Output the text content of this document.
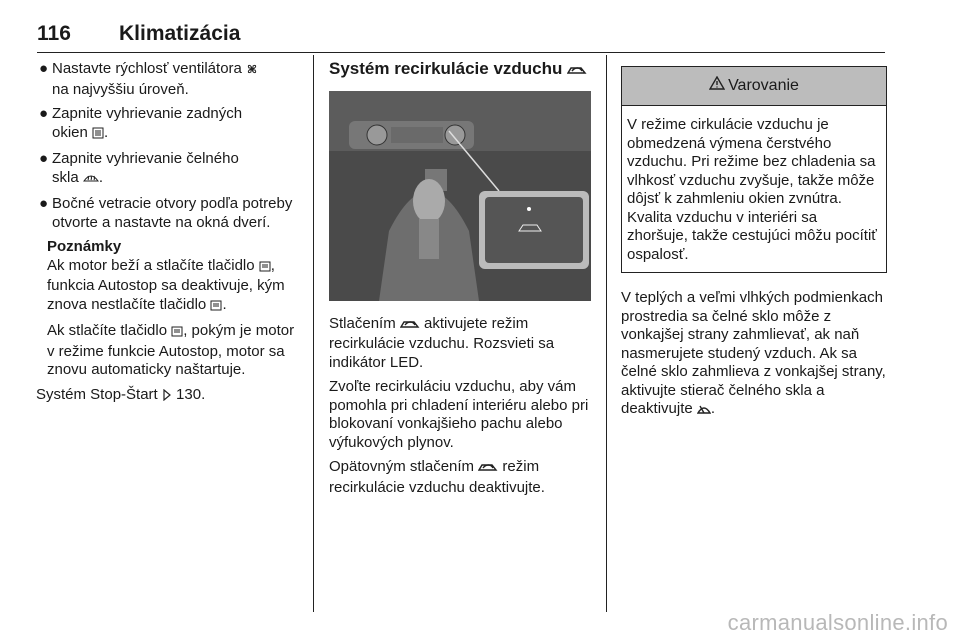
116 Klimatizácia
● Nastavte rýchlosť ventilátora
na najvyššiu úroveň.
● Zapnite vyhrievanie zadných
okien .
● Zapnite vyhrievanie čelného
skla .
● Bočné vetracie otvory podľa potreby otvorte a nastavte na okná dverí.
Poznámky

Ak motor beží a stlačíte tlačidlo , funkcia Autostop sa deaktivuje, kým znova nestlačíte tlačidlo .

Ak stlačíte tlačidlo , pokým je motor v režime funkcie Autostop, motor sa znovu automaticky naštartuje.

Systém Stop-Štart  130.
Systém recirkulácie vzduchu

Stlačením  aktivujete režim recirkulácie vzduchu. Rozsvieti sa indikátor LED.

Zvoľte recirkuláciu vzduchu, aby vám pomohla pri chladení interiéru alebo pri blokovaní vonkajšieho pachu alebo výfukových plynov.

Opätovným stlačením  režim recirkulácie vzduchu deaktivujte.

Varovanie
V režime cirkulácie vzduchu je obmedzená výmena čerstvého vzduchu. Pri režime bez chladenia sa vlhkosť vzduchu zvyšuje, takže môže dôjsť k zahmleniu okien zvnútra. Kvalita vzduchu v interiéri sa zhoršuje, takže cestujúci môžu pocítiť ospalosť.

V teplých a veľmi vlhkých podmienkach prostredia sa čelné sklo môže z vonkajšej strany zahmlievať, ak naň nasmerujete studený vzduch. Ak sa čelné sklo zahmlieva z vonkajšej strany, aktivujte stierač čelného skla a deaktivujte .

carmanualsonline.info
